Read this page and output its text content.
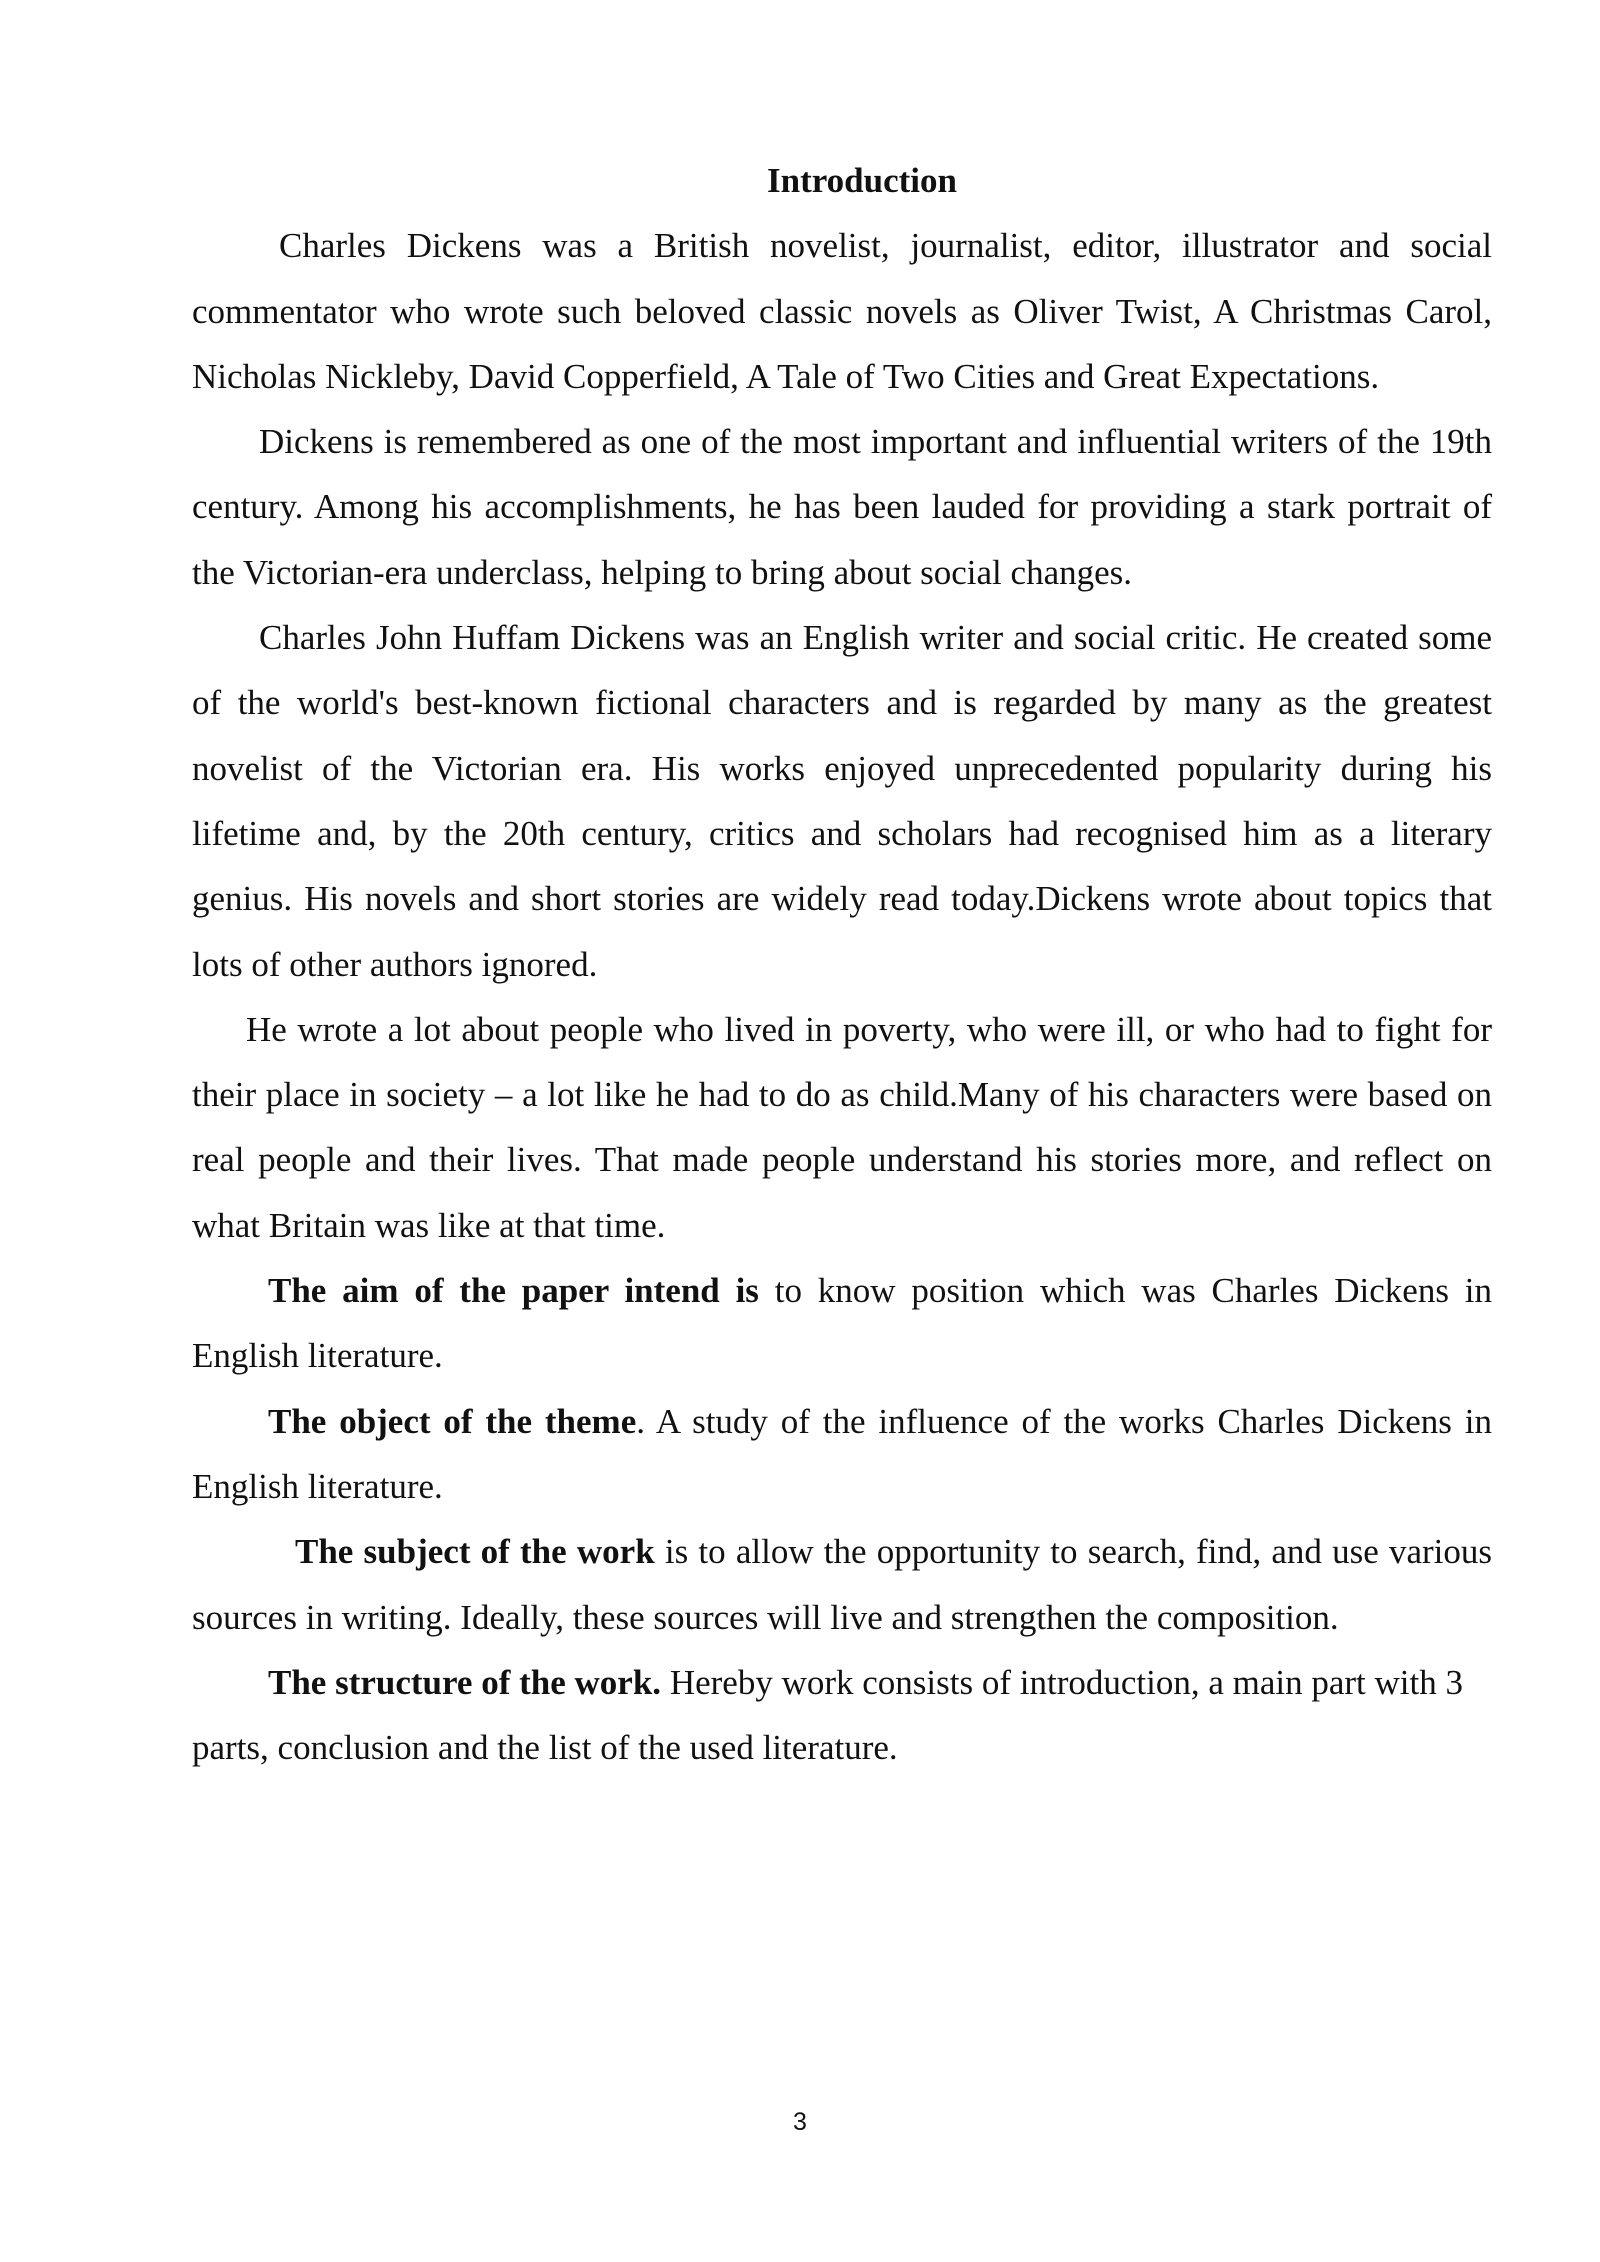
Introduction

Charles Dickens was a British novelist, journalist, editor, illustrator and social commentator who wrote such beloved classic novels as Oliver Twist, A Christmas Carol, Nicholas Nickleby, David Copperfield, A Tale of Two Cities and Great Expectations.

Dickens is remembered as one of the most important and influential writers of the 19th century. Among his accomplishments, he has been lauded for providing a stark portrait of the Victorian-era underclass, helping to bring about social changes.

Charles John Huffam Dickens was an English writer and social critic. He created some of the world's best-known fictional characters and is regarded by many as the greatest novelist of the Victorian era. His works enjoyed unprecedented popularity during his lifetime and, by the 20th century, critics and scholars had recognised him as a literary genius. His novels and short stories are widely read today.Dickens wrote about topics that lots of other authors ignored.

He wrote a lot about people who lived in poverty, who were ill, or who had to fight for their place in society – a lot like he had to do as child.Many of his characters were based on real people and their lives. That made people understand his stories more, and reflect on what Britain was like at that time.

The aim of the paper intend is to know position which was Charles Dickens in English literature.

The object of the theme. A study of the influence of the works Charles Dickens in English literature.

The subject of the work is to allow the opportunity to search, find, and use various sources in writing. Ideally, these sources will live and strengthen the composition.

The structure of the work. Hereby work consists of introduction, a main part with 3 parts, conclusion and the list of the used literature.

3
